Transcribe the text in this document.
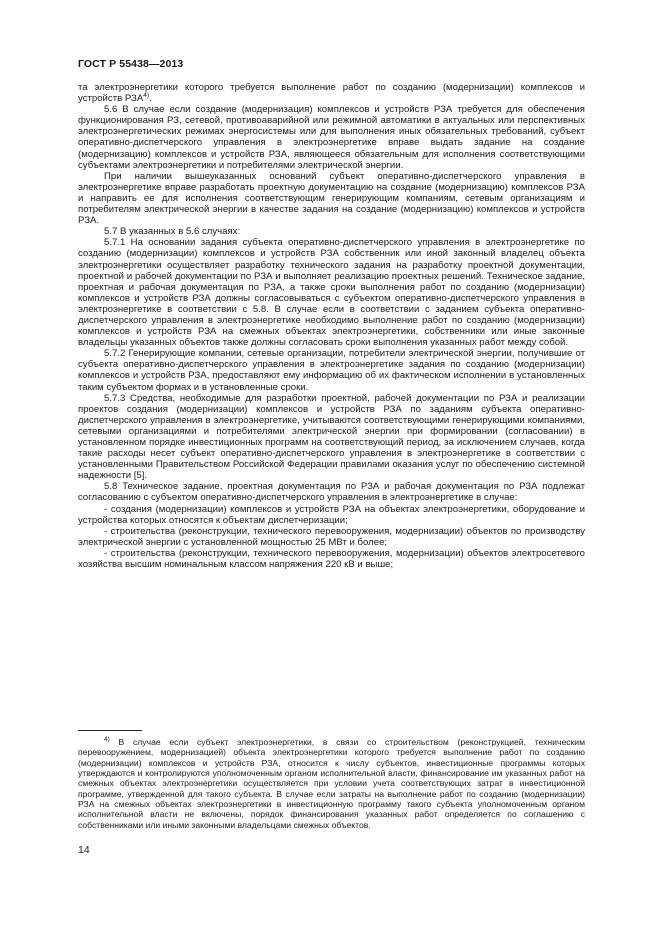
ГОСТ Р 55438—2013

та электроэнергетики которого требуется выполнение работ по созданию (модернизации) комплексов и устройств РЗА$^{4)}$.

5.6 В случае если создание (модернизация) комплексов и устройств РЗА требуется для обеспечения функционирования РЗ, сетевой, противоаварийной или режимной автоматики в актуальных или перспективных электроэнергетических режимах энергосистемы или для выполнения иных обязательных требований, субъект оперативно-диспетчерского управления в электроэнергетике вправе выдать задание на создание (модернизацию) комплексов и устройств РЗА, являющееся обязательным для исполнения соответствующими субъектами электроэнергетики и потребителями электрической энергии.

При наличии вышеуказанных оснований субъект оперативно-диспетчерского управления в электроэнергетике вправе разработать проектную документацию на создание (модернизацию) комплексов РЗА и направить ее для исполнения соответствующим генерирующим компаниям, сетевым организациям и потребителям электрической энергии в качестве задания на создание (модернизацию) комплексов и устройств РЗА.

5.7 В указанных в 5.6 случаях:

5.7.1 На основании задания субъекта оперативно-диспетчерского управления в электроэнергетике по созданию (модернизации) комплексов и устройств РЗА собственник или иной законный владелец объекта электроэнергетики осуществляет разработку технического задания на разработку проектной документации, проектной и рабочей документации по РЗА и выполняет реализацию проектных решений. Техническое задание, проектная и рабочая документация по РЗА, а также сроки выполнения работ по созданию (модернизации) комплексов и устройств РЗА должны согласовываться с субъектом оперативно-диспетчерского управления в электроэнергетике в соответствии с 5.8. В случае если в соответствии с заданием субъекта оперативно-диспетчерского управления в электроэнергетике необходимо выполнение работ по созданию (модернизации) комплексов и устройств РЗА на смежных объектах электроэнергетики, собственники или иные законные владельцы указанных объектов также должны согласовать сроки выполнения указанных работ между собой.

5.7.2 Генерирующие компании, сетевые организации, потребители электрической энергии, получившие от субъекта оперативно-диспетчерского управления в электроэнергетике задания по созданию (модернизации) комплексов и устройств РЗА, предоставляют ему информацию об их фактическом исполнении в установленных таким субъектом формах и в установленные сроки.

5.7.3 Средства, необходимые для разработки проектной, рабочей документации по РЗА и реализации проектов создания (модернизации) комплексов и устройств РЗА по заданиям субъекта оперативно-диспетчерского управления в электроэнергетике, учитываются соответствующими генерирующими компаниями, сетевыми организациями и потребителями электрической энергии при формировании (согласовании) в установленном порядке инвестиционных программ на соответствующий период, за исключением случаев, когда такие расходы несет субъект оперативно-диспетчерского управления в электроэнергетике в соответствии с установленными Правительством Российской Федерации правилами оказания услуг по обеспечению системной надежности [5].

5.8 Техническое задание, проектная документация по РЗА и рабочая документация по РЗА подлежат согласованию с субъектом оперативно-диспетчерского управления в электроэнергетике в случае:

- создания (модернизации) комплексов и устройств РЗА на объектах электроэнергетики, оборудование и устройства которых относятся к объектам диспетчеризации;

- строительства (реконструкции, технического перевооружения, модернизации) объектов по производству электрической энергии с установленной мощностью 25 МВт и более;

- строительства (реконструкции, технического перевооружения, модернизации) объектов электросетевого хозяйства высшим номинальным классом напряжения 220 кВ и выше;

$^{4)}$ В случае если субъект электроэнергетики, в связи со строительством (реконструкцией, техническим перевооружением, модернизацией) объекта электроэнергетики которого требуется выполнение работ по созданию (модернизации) комплексов и устройств РЗА, относится к числу субъектов, инвестиционные программы которых утверждаются и контролируются уполномоченным органом исполнительной власти, финансирование им указанных работ на смежных объектах электроэнергетики осуществляется при условии учета соответствующих затрат в инвестиционной программе, утвержденной для такого субъекта. В случае если затраты на выполнение работ по созданию (модернизации) РЗА на смежных объектах электроэнергетики в инвестиционную программу такого субъекта уполномоченным органом исполнительной власти не включены, порядок финансирования указанных работ определяется по соглашению с собственниками или иными законными владельцами смежных объектов.

14
